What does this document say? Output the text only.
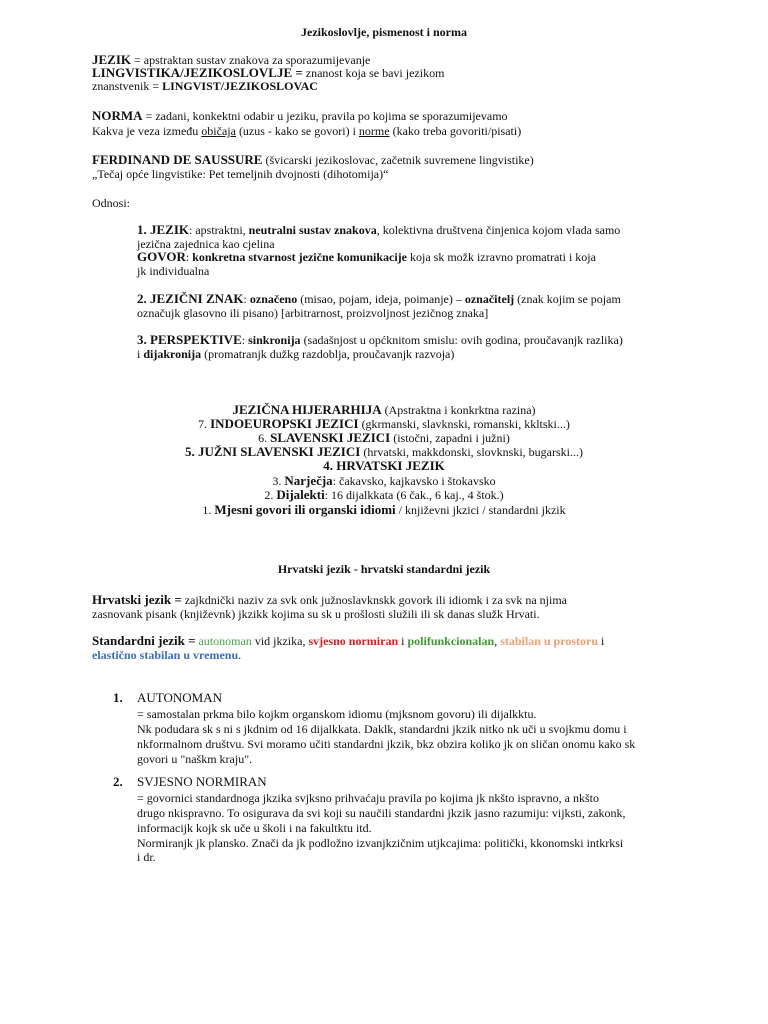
Jezikoslovlje, pismenost i norma
JEZIK = apstraktan sustav znakova za sporazumijevanje
LINGVISTIKA/JEZIKOSLOVLJE = znanost koja se bavi jezikom
znanstvenik = LINGVIST/JEZIKOSLOVAC
NORMA = zadani, konkektni odabir u jeziku, pravila po kojima se sporazumijevamo
Kakva je veza između običaja (uzus - kako se govori) i norme (kako treba govoriti/pisati)
FERDINAND DE SAUSSURE (švicarski jezikoslovac, začetnik suvremene lingvistike)
„Tečaj opće lingvistike: Pet temeljnih dvojnosti (dihotomija)“
Odnosi:
1. JEZIK: apstraktni, neutralni sustav znakova, kolektivna društvena činjenica kojom vlada samo
jezična zajednica kao cjelina
GOVOR: konkretna stvarnost jezične komunikacije koja sk možk izravno promatrati i koja
jk individualna
2. JEZIČNI ZNAK: označeno (misao, pojam, ideja, poimanje) – označitelj (znak kojim se pojam
označujk glasovno ili pisano) [arbitrarnost, proizvoljnost jezičnog znaka]
3. PERSPEKTIVE: sinkronija (sadašnjost u općknitom smislu: ovih godina, proučavanjk razlika)
i dijakronija (promatranjk dužkg razdoblja, proučavanjk razvoja)
JEZIČNA HIJERARHIJA (Apstraktna i konkrktna razina)
7. INDOEUROPSKI JEZICI (gkrmanski, slavknski, romanski, kkltski...)
6. SLAVENSKI JEZICI (istočni, zapadni i južni)
5. JUŽNI SLAVENSKI JEZICI (hrvatski, makkdonski, slovknski, bugarski...)
4. HRVATSKI JEZIK
3. Narječja: čakavsko, kajkavsko i štokavsko
2. Dijalekti: 16 dijalkkata (6 čak., 6 kaj., 4 štok.)
1. Mjesni govori ili organski idiomi / književni jkzici / standardni jkzik
Hrvatski jezik - hrvatski standardni jezik
Hrvatski jezik = zajkdnički naziv za svk onk južnoslavknskk govork ili idiomk i za svk na njima
zasnovank pisank (književnk) jkzikk kojima su sk u prošlosti služili ili sk danas služk Hrvati.
Standardni jezik = autonoman vid jkzika, svjesno normiran i polifunkcionalan, stabilan u prostoru i
elastično stabilan u vremenu.
1. AUTONOMAN
= samostalan prkma bilo kojkm organskom idiomu (mjksnom govoru) ili dijalkktu.
Nk podudara sk s ni s jkdnim od 16 dijalkkata. Daklk, standardni jkzik nitko nk uči u svojkmu domu i
nkformalnom društvu. Svi moramo učiti standardni jkzik, bkz obzira koliko jk on sličan onomu kako sk
govori u "naškm kraju".
2. SVJESNO NORMIRAN
= govornici standardnoga jkzika svjksno prihvaćaju pravila po kojima jk nkšto ispravno, a nkšto
drugo nkispravno. To osigurava da svi koji su naučili standardni jkzik jasno razumiju: vijksti, zakonk,
informacijk kojk sk uče u školi i na fakultktu itd.
Normiranjk jk plansko. Znači da jk podložno izvanjkzičnim utjkcajima: politički, kkonomski intkrksi
i dr.
